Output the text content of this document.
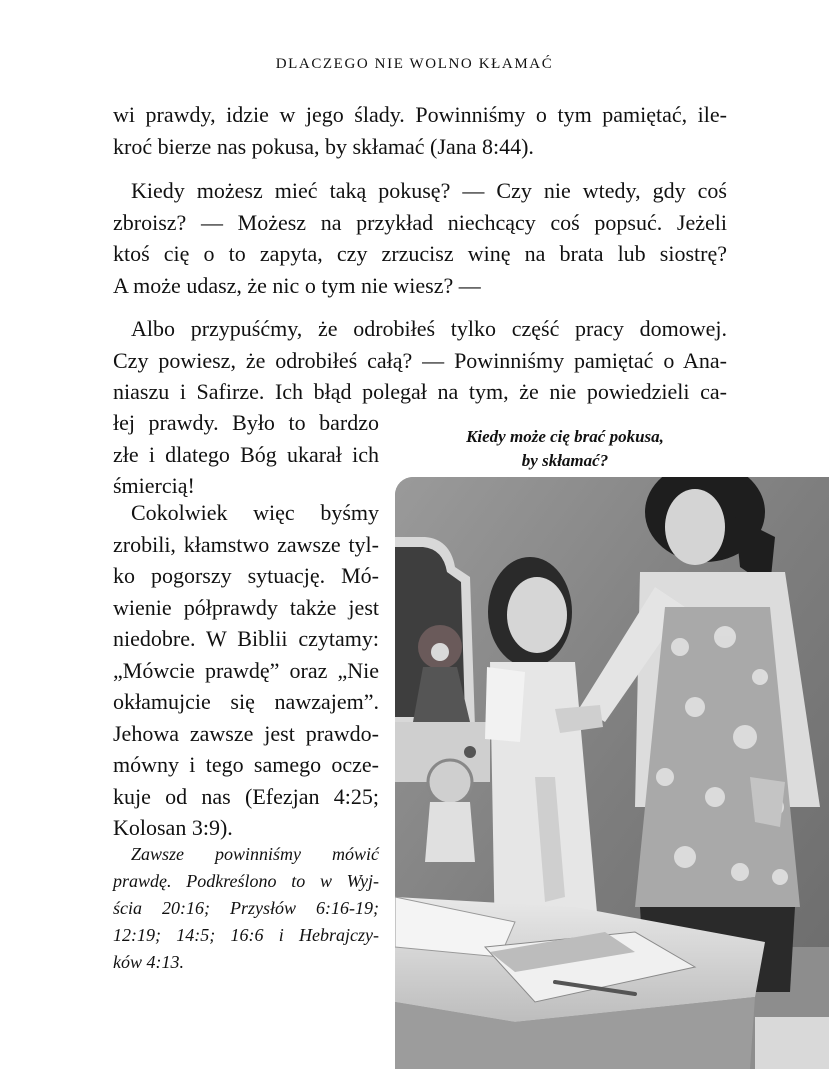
DLACZEGO NIE WOLNO KŁAMAĆ
wi prawdy, idzie w jego ślady. Powinniśmy o tym pamiętać, ile-
kroć bierze nas pokusa, by skłamać (Jana 8:44).
Kiedy możesz mieć taką pokusę? — Czy nie wtedy, gdy coś
zbroisz? — Możesz na przykład niechcący coś popsuć. Jeżeli
ktoś cię o to zapyta, czy zrzucisz winę na brata lub siostrę?
A może udasz, że nic o tym nie wiesz? —
Albo przypuśćmy, że odrobiłeś tylko część pracy domowej.
Czy powiesz, że odrobiłeś całą? — Powinniśmy pamiętać o Ana-
niaszu i Safirze. Ich błąd polegał na tym, że nie powiedzieli ca-
łej prawdy. Było to bardzo
złe i dlatego Bóg ukarał ich
śmiercią!
Cokolwiek więc byśmy
zrobili, kłamstwo zawsze tyl-
ko pogorszy sytuację. Mó-
wienie półprawdy także jest
niedobre. W Biblii czytamy:
„Mówcie prawdę” oraz „Nie
okłamujcie się nawzajem”.
Jehowa zawsze jest prawdo-
mówny i tego samego ocze-
kuje od nas (Efezjan 4:25;
Kolosan 3:9).
Zawsze powinniśmy mówić
prawdę. Podkreślono to w Wyj-
ścia 20:16; Przysłów 6:16-19;
12:19; 14:5; 16:6 i Hebrajczy-
ków 4:13.
Kiedy może cię brać pokusa,
by skłamać?
